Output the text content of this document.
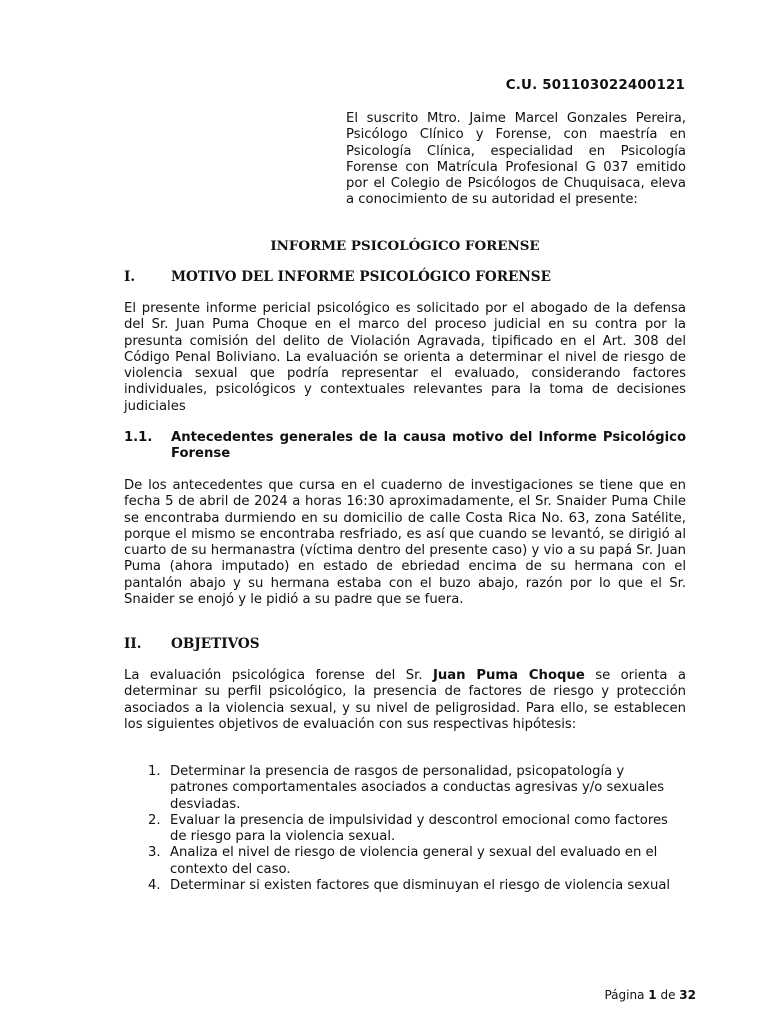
C.U. 501103022400121

El suscrito Mtro. Jaime Marcel Gonzales Pereira, Psicólogo Clínico y Forense, con maestría en Psicología Clínica, especialidad en Psicología Forense con Matrícula Profesional G 037 emitido por el Colegio de Psicólogos de Chuquisaca, eleva a conocimiento de su autoridad el presente:

INFORME PSICOLÓGICO FORENSE
I.	MOTIVO DEL INFORME PSICOLÓGICO FORENSE

El presente informe pericial psicológico es solicitado por el abogado de la defensa del Sr. Juan Puma Choque en el marco del proceso judicial en su contra por la presunta comisión del delito de Violación Agravada, tipificado en el Art. 308 del Código Penal Boliviano. La evaluación se orienta a determinar el nivel de riesgo de violencia sexual que podría representar el evaluado, considerando factores individuales, psicológicos y contextuales relevantes para la toma de decisiones judiciales

1.1. Antecedentes generales de la causa motivo del Informe Psicológico Forense

De los antecedentes que cursa en el cuaderno de investigaciones se tiene que en fecha 5 de abril de 2024 a horas 16:30 aproximadamente, el Sr. Snaider Puma Chile se encontraba durmiendo en su domicilio de calle Costa Rica No. 63, zona Satélite, porque el mismo se encontraba resfriado, es así que cuando se levantó, se dirigió al cuarto de su hermanastra (víctima dentro del presente caso) y vio a su papá Sr. Juan Puma (ahora imputado) en estado de ebriedad encima de su hermana con el pantalón abajo y su hermana estaba con el buzo abajo, razón por lo que el Sr. Snaider se enojó y le pidió a su padre que se fuera.

II. OBJETIVOS

La evaluación psicológica forense del Sr. Juan Puma Choque se orienta a determinar su perfil psicológico, la presencia de factores de riesgo y protección asociados a la violencia sexual, y su nivel de peligrosidad. Para ello, se establecen los siguientes objetivos de evaluación con sus respectivas hipótesis:

1. Determinar la presencia de rasgos de personalidad, psicopatología y patrones comportamentales asociados a conductas agresivas y/o sexuales desviadas.
2. Evaluar la presencia de impulsividad y descontrol emocional como factores de riesgo para la violencia sexual.
3. Analiza el nivel de riesgo de violencia general y sexual del evaluado en el contexto del caso.
4. Determinar si existen factores que disminuyan el riesgo de violencia sexual
Página 1 de 32
